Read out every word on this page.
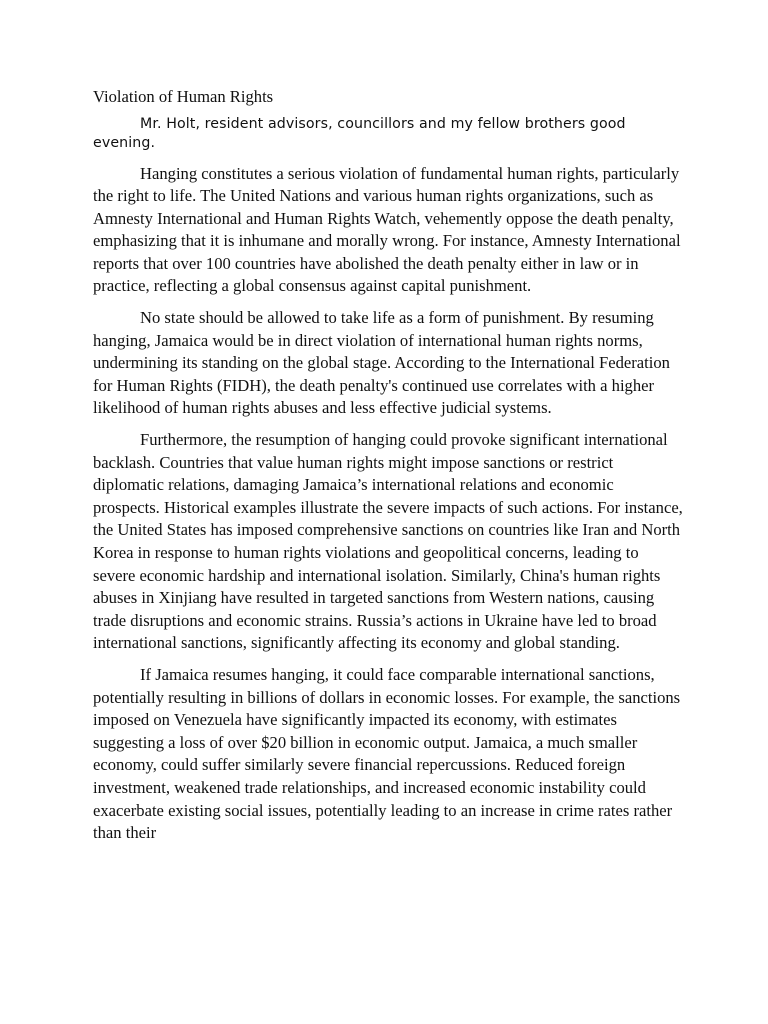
Violation of Human Rights

Mr. Holt, resident advisors, councillors and my fellow brothers good evening.

Hanging constitutes a serious violation of fundamental human rights, particularly the right to life. The United Nations and various human rights organizations, such as Amnesty International and Human Rights Watch, vehemently oppose the death penalty, emphasizing that it is inhumane and morally wrong. For instance, Amnesty International reports that over 100 countries have abolished the death penalty either in law or in practice, reflecting a global consensus against capital punishment.

No state should be allowed to take life as a form of punishment. By resuming hanging, Jamaica would be in direct violation of international human rights norms, undermining its standing on the global stage. According to the International Federation for Human Rights (FIDH), the death penalty's continued use correlates with a higher likelihood of human rights abuses and less effective judicial systems.

Furthermore, the resumption of hanging could provoke significant international backlash. Countries that value human rights might impose sanctions or restrict diplomatic relations, damaging Jamaica’s international relations and economic prospects. Historical examples illustrate the severe impacts of such actions. For instance, the United States has imposed comprehensive sanctions on countries like Iran and North Korea in response to human rights violations and geopolitical concerns, leading to severe economic hardship and international isolation. Similarly, China's human rights abuses in Xinjiang have resulted in targeted sanctions from Western nations, causing trade disruptions and economic strains. Russia’s actions in Ukraine have led to broad international sanctions, significantly affecting its economy and global standing.

If Jamaica resumes hanging, it could face comparable international sanctions, potentially resulting in billions of dollars in economic losses. For example, the sanctions imposed on Venezuela have significantly impacted its economy, with estimates suggesting a loss of over $20 billion in economic output. Jamaica, a much smaller economy, could suffer similarly severe financial repercussions. Reduced foreign investment, weakened trade relationships, and increased economic instability could exacerbate existing social issues, potentially leading to an increase in crime rates rather than their
